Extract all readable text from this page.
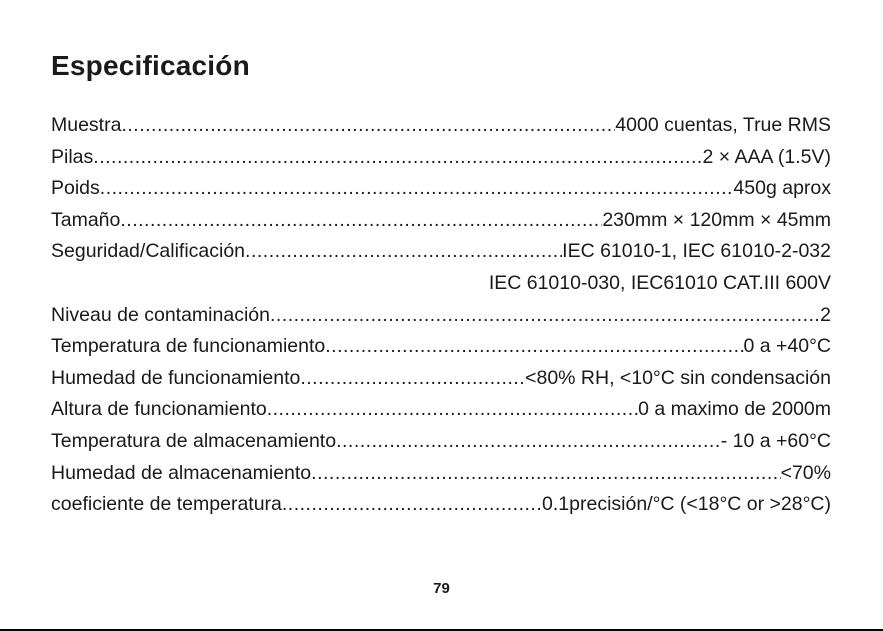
Especificación
Muestra .....	4000 cuentas, True RMS
Pilas .....	2 × AAA (1.5V)
Poids .....	450g aprox
Tamaño .....	230mm × 120mm × 45mm
Seguridad/Calificación .....	IEC 61010-1, IEC 61010-2-032
IEC 61010-030, IEC61010 CAT.III 600V
Niveau de contaminación .....	2
Temperatura de funcionamiento .....	0 a +40°C
Humedad de funcionamiento .....	<80% RH, <10°C sin condensación
Altura de funcionamiento .....	0 a maximo de 2000m
Temperatura de almacenamiento .....	- 10 a +60°C
Humedad de almacenamiento .....	<70%
coeficiente de temperatura .....	0.1precisión/°C (<18°C or >28°C)
79
